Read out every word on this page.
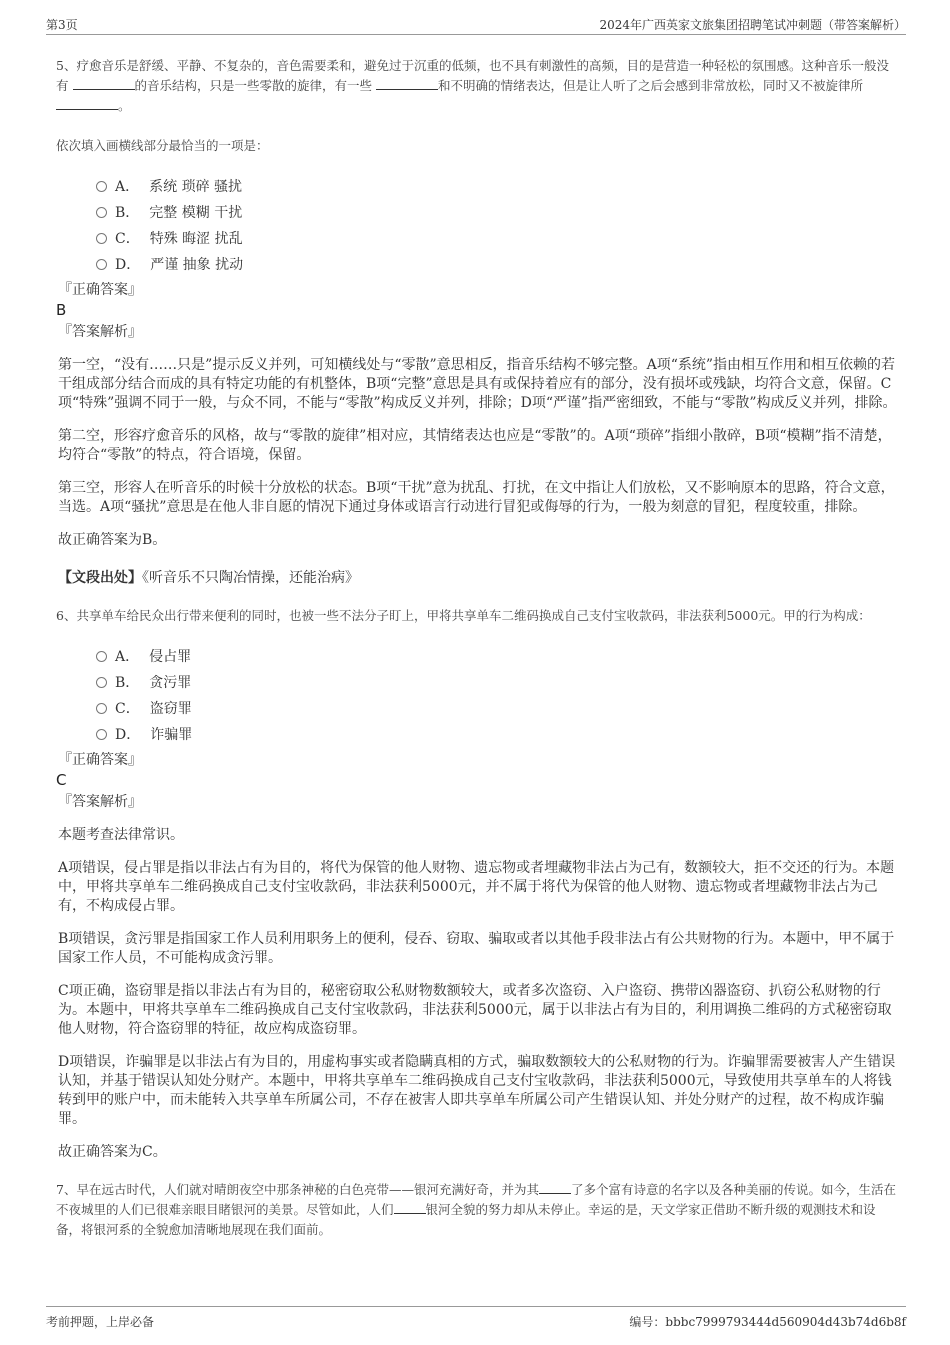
第3页	2024年广西英家文旅集团招聘笔试冲刺题（带答案解析）

5、疗愈音乐是舒缓、平静、不复杂的，音色需要柔和，避免过于沉重的低频，也不具有刺激性的高频，目的是营造一种轻松的氛围感。这种音乐一般没有	的音乐结构，只是一些零散的旋律，有一些	和不明确的情绪表达，但是让人听了之后会感到非常放松，同时又不被旋律所 。

依次填入画横线部分最恰当的一项是：

A． 系统 琐碎 骚扰
B． 完整 模糊 干扰
C． 特殊 晦涩 扰乱
D． 严谨 抽象 扰动
『正确答案』
B
『答案解析』

第一空，“没有……只是”提示反义并列，可知横线处与“零散”意思相反，指音乐结构不够完整。A项“系统”指由相互作用和相互依赖的若干组成部分结合而成的具有特定功能的有机整体，B项“完整”意思是具有或保持着应有的部分，没有损坏或残缺，均符合文意，保留。C项“特殊”强调不同于一般，与众不同，不能与“零散”构成反义并列，排除；D项“严谨”指严密细致，不能与“零散”构成反义并列，排除。

第二空，形容疗愈音乐的风格，故与“零散的旋律”相对应，其情绪表达也应是“零散”的。A项“琐碎”指细小散碎，B项“模糊”指不清楚，均符合“零散”的特点，符合语境，保留。

第三空，形容人在听音乐的时候十分放松的状态。B项“干扰”意为扰乱、打扰，在文中指让人们放松，又不影响原本的思路，符合文意，当选。A项“骚扰”意思是在他人非自愿的情况下通过身体或语言行动进行冒犯或侮辱的行为，一般为刻意的冒犯，程度较重，排除。

故正确答案为B。

【文段出处】《听音乐不只陶冶情操，还能治病》

6、共享单车给民众出行带来便利的同时，也被一些不法分子盯上，甲将共享单车二维码换成自己支付宝收款码，非法获利5000元。甲的行为构成：

A． 侵占罪
B． 贪污罪
C． 盗窃罪
D． 诈骗罪
『正确答案』
C
『答案解析』

本题考查法律常识。

A项错误，侵占罪是指以非法占有为目的，将代为保管的他人财物、遗忘物或者埋藏物非法占为己有，数额较大，拒不交还的行为。本题中，甲将共享单车二维码换成自己支付宝收款码，非法获利5000元，并不属于将代为保管的他人财物、遗忘物或者埋藏物非法占为己有，不构成侵占罪。

B项错误，贪污罪是指国家工作人员利用职务上的便利，侵吞、窃取、骗取或者以其他手段非法占有公共财物的行为。本题中，甲不属于国家工作人员，不可能构成贪污罪。

C项正确，盗窃罪是指以非法占有为目的，秘密窃取公私财物数额较大，或者多次盗窃、入户盗窃、携带凶器盗窃、扒窃公私财物的行为。本题中，甲将共享单车二维码换成自己支付宝收款码，非法获利5000元，属于以非法占有为目的，利用调换二维码的方式秘密窃取他人财物，符合盗窃罪的特征，故应构成盗窃罪。

D项错误，诈骗罪是以非法占有为目的，用虚构事实或者隐瞒真相的方式，骗取数额较大的公私财物的行为。诈骗罪需要被害人产生错误认知，并基于错误认知处分财产。本题中，甲将共享单车二维码换成自己支付宝收款码，非法获利5000元，导致使用共享单车的人将钱转到甲的账户中，而未能转入共享单车所属公司，不存在被害人即共享单车所属公司产生错误认知、并处分财产的过程，故不构成诈骗罪。

故正确答案为C。

7、早在远古时代，人们就对晴朗夜空中那条神秘的白色亮带——银河充满好奇，并为其	了多个富有诗意的名字以及各种美丽的传说。如今，生活在不夜城里的人们已很难亲眼目睹银河的美景。尽管如此，人们	银河全貌的努力却从未停止。幸运的是，天文学家正借助不断升级的观测技术和设备，将银河系的全貌愈加清晰地展现在我们面前。

考前押题，上岸必备	编号：bbbc7999793444d560904d43b74d6b8f
